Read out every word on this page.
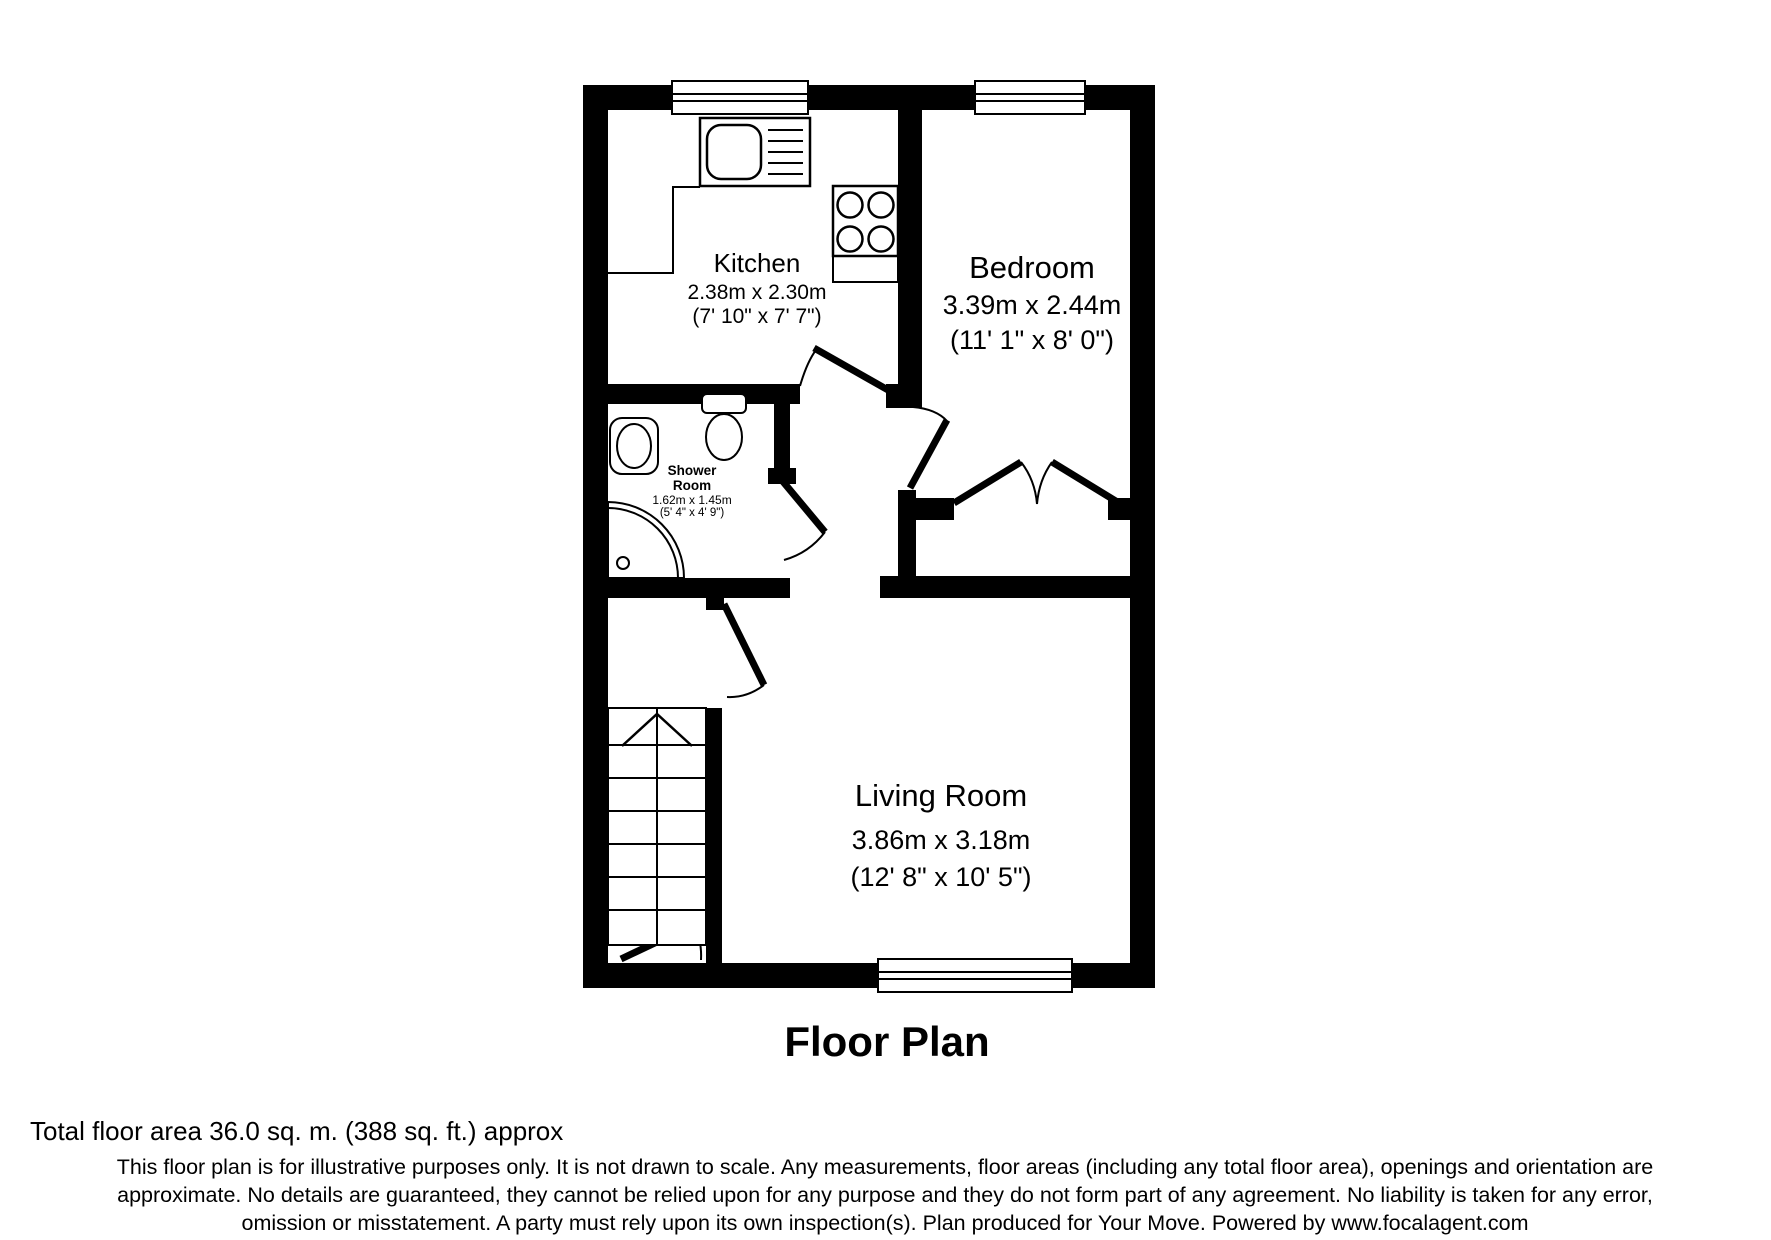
Kitchen
2.38m x 2.30m
(7' 10" x 7' 7")
Bedroom
3.39m x 2.44m
(11' 1" x 8' 0")
Shower
Room
1.62m x 1.45m
(5' 4" x 4' 9")
Living Room
3.86m x 3.18m
(12' 8" x 10' 5")
Floor Plan
Total floor area 36.0 sq. m. (388 sq. ft.) approx
This floor plan is for illustrative purposes only. It is not drawn to scale. Any measurements, floor areas (including any total floor area), openings and orientation are
approximate. No details are guaranteed, they cannot be relied upon for any purpose and they do not form part of any agreement. No liability is taken for any error,
omission or misstatement. A party must rely upon its own inspection(s). Plan produced for Your Move. Powered by www.focalagent.com
